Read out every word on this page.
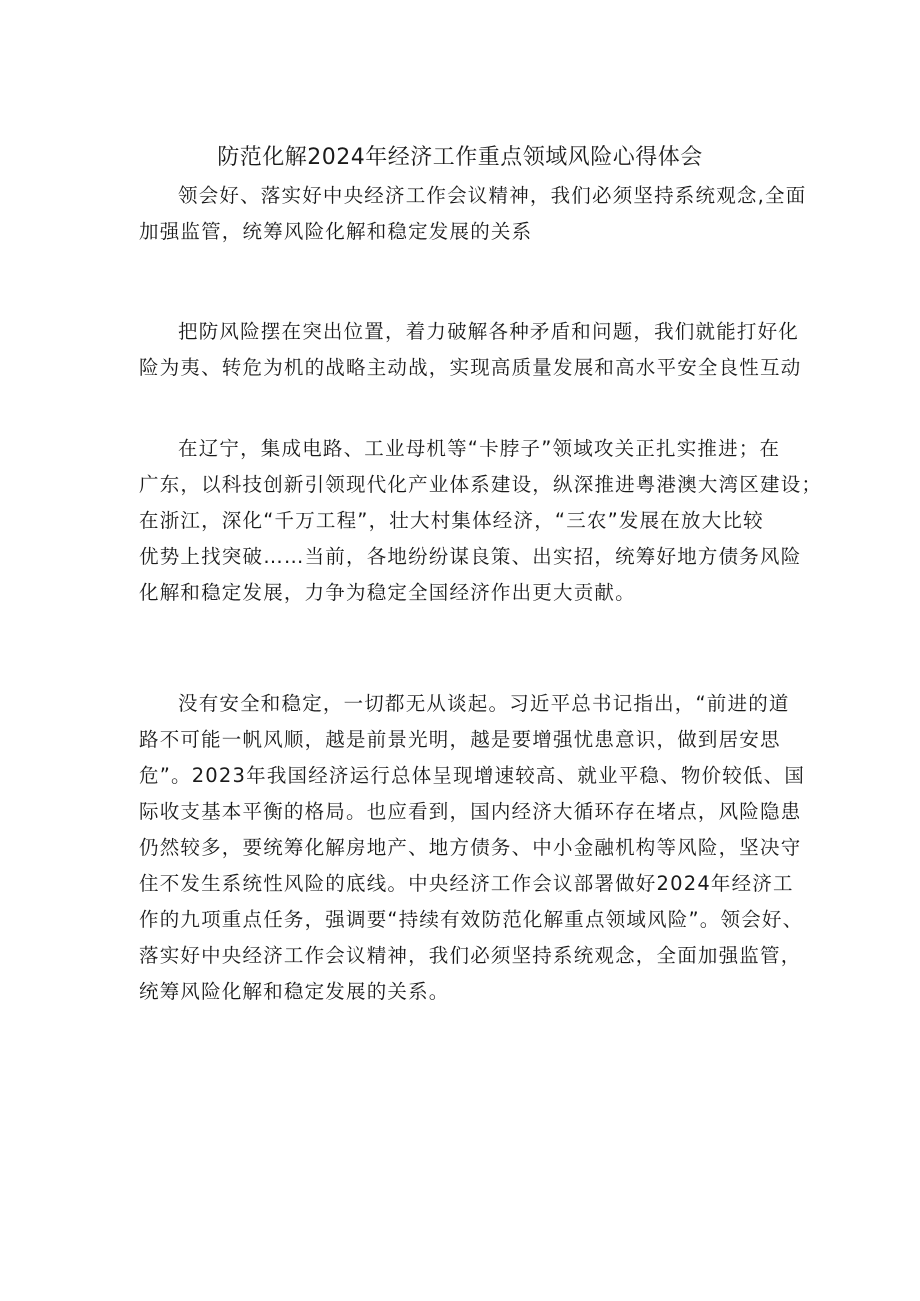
防范化解2024年经济工作重点领域风险心得体会
领会好、落实好中央经济工作会议精神，我们必须坚持系统观念,全面
加强监管，统筹风险化解和稳定发展的关系
把防风险摆在突出位置，着力破解各种矛盾和问题，我们就能打好化
险为夷、转危为机的战略主动战，实现高质量发展和高水平安全良性互动
在辽宁，集成电路、工业母机等“卡脖子”领域攻关正扎实推进；在
广东，以科技创新引领现代化产业体系建设，纵深推进粤港澳大湾区建设；
在浙江，深化“千万工程”，壮大村集体经济，“三农”发展在放大比较
优势上找突破……当前，各地纷纷谋良策、出实招，统筹好地方债务风险
化解和稳定发展，力争为稳定全国经济作出更大贡献。
没有安全和稳定，一切都无从谈起。习近平总书记指出，“前进的道
路不可能一帆风顺，越是前景光明，越是要增强忧患意识，做到居安思
危”。2023年我国经济运行总体呈现增速较高、就业平稳、物价较低、国
际收支基本平衡的格局。也应看到，国内经济大循环存在堵点，风险隐患
仍然较多，要统筹化解房地产、地方债务、中小金融机构等风险，坚决守
住不发生系统性风险的底线。中央经济工作会议部署做好2024年经济工
作的九项重点任务，强调要“持续有效防范化解重点领域风险”。领会好、
落实好中央经济工作会议精神，我们必须坚持系统观念，全面加强监管，
统筹风险化解和稳定发展的关系。
